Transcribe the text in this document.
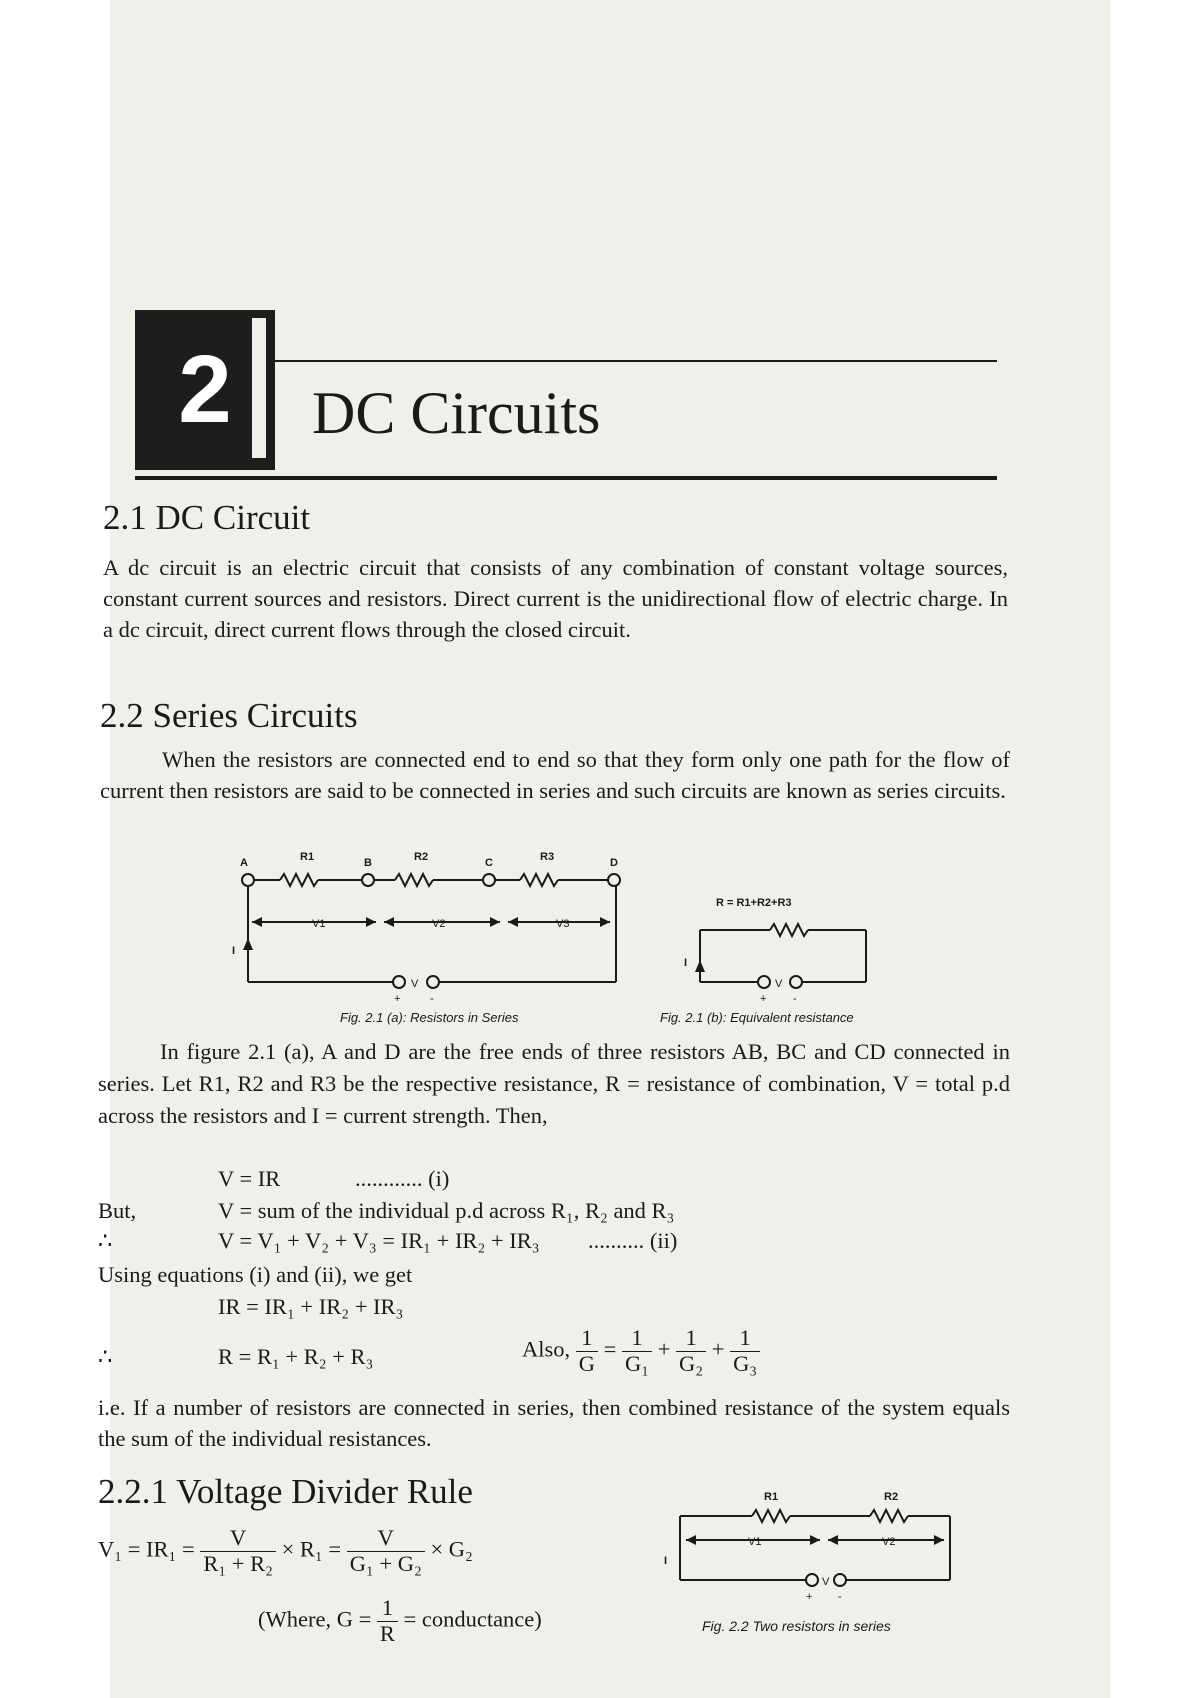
2	DC Circuits
2.1 DC Circuit

A dc circuit is an electric circuit that consists of any combination of constant voltage sources, constant current sources and resistors. Direct current is the unidirectional flow of electric charge. In a dc circuit, direct current flows through the closed circuit.

2.2 Series Circuits

When the resistors are connected end to end so that they form only one path for the flow of current then resistors are said to be connected in series and such circuits are known as series circuits.

A	B	C	D
R1	R2	R3
V1	V2	V3
I
V
+	-
R = R1+R2+R3
I
V
+ -
Fig. 2.1 (a): Resistors in Series	Fig. 2.1 (b): Equivalent resistance

In figure 2.1 (a), A and D are the free ends of three resistors AB, BC and CD connected in series. Let R1, R2 and R3 be the respective resistance, R = resistance of combination, V = total p.d across the resistors and I = current strength. Then,

V = IR	............ (i)
But,	V = sum of the individual p.d across R₁, R₂ and R₃
∴	V = V₁ + V₂ + V₃ = IR₁ + IR₂ + IR₃ .......... (ii)
Using equations (i) and (ii), we get
IR = IR₁ + IR₂ + IR₃
∴	R = R₁ + R₂ + R₃	Also, $\frac{1}{G} = \frac{1}{\text{G₁}} + \frac{1}{\text{G₂}} + \frac{1}{\text{G₃}}$

i.e. If a number of resistors are connected in series, then combined resistance of the system equals the sum of the individual resistances.

2.2.1 Voltage Divider Rule
$V_1 = IR_1 = \frac{V}{\text{R₁ + R₂}} \times R_1 = \frac{V}{\text{G₁ + G₂}} \times G_2$
(Where, $G = \frac{1}{R}$ = conductance)
R1	R2
V1	V2
I
V
+ -
Fig. 2.2 Two resistors in series
